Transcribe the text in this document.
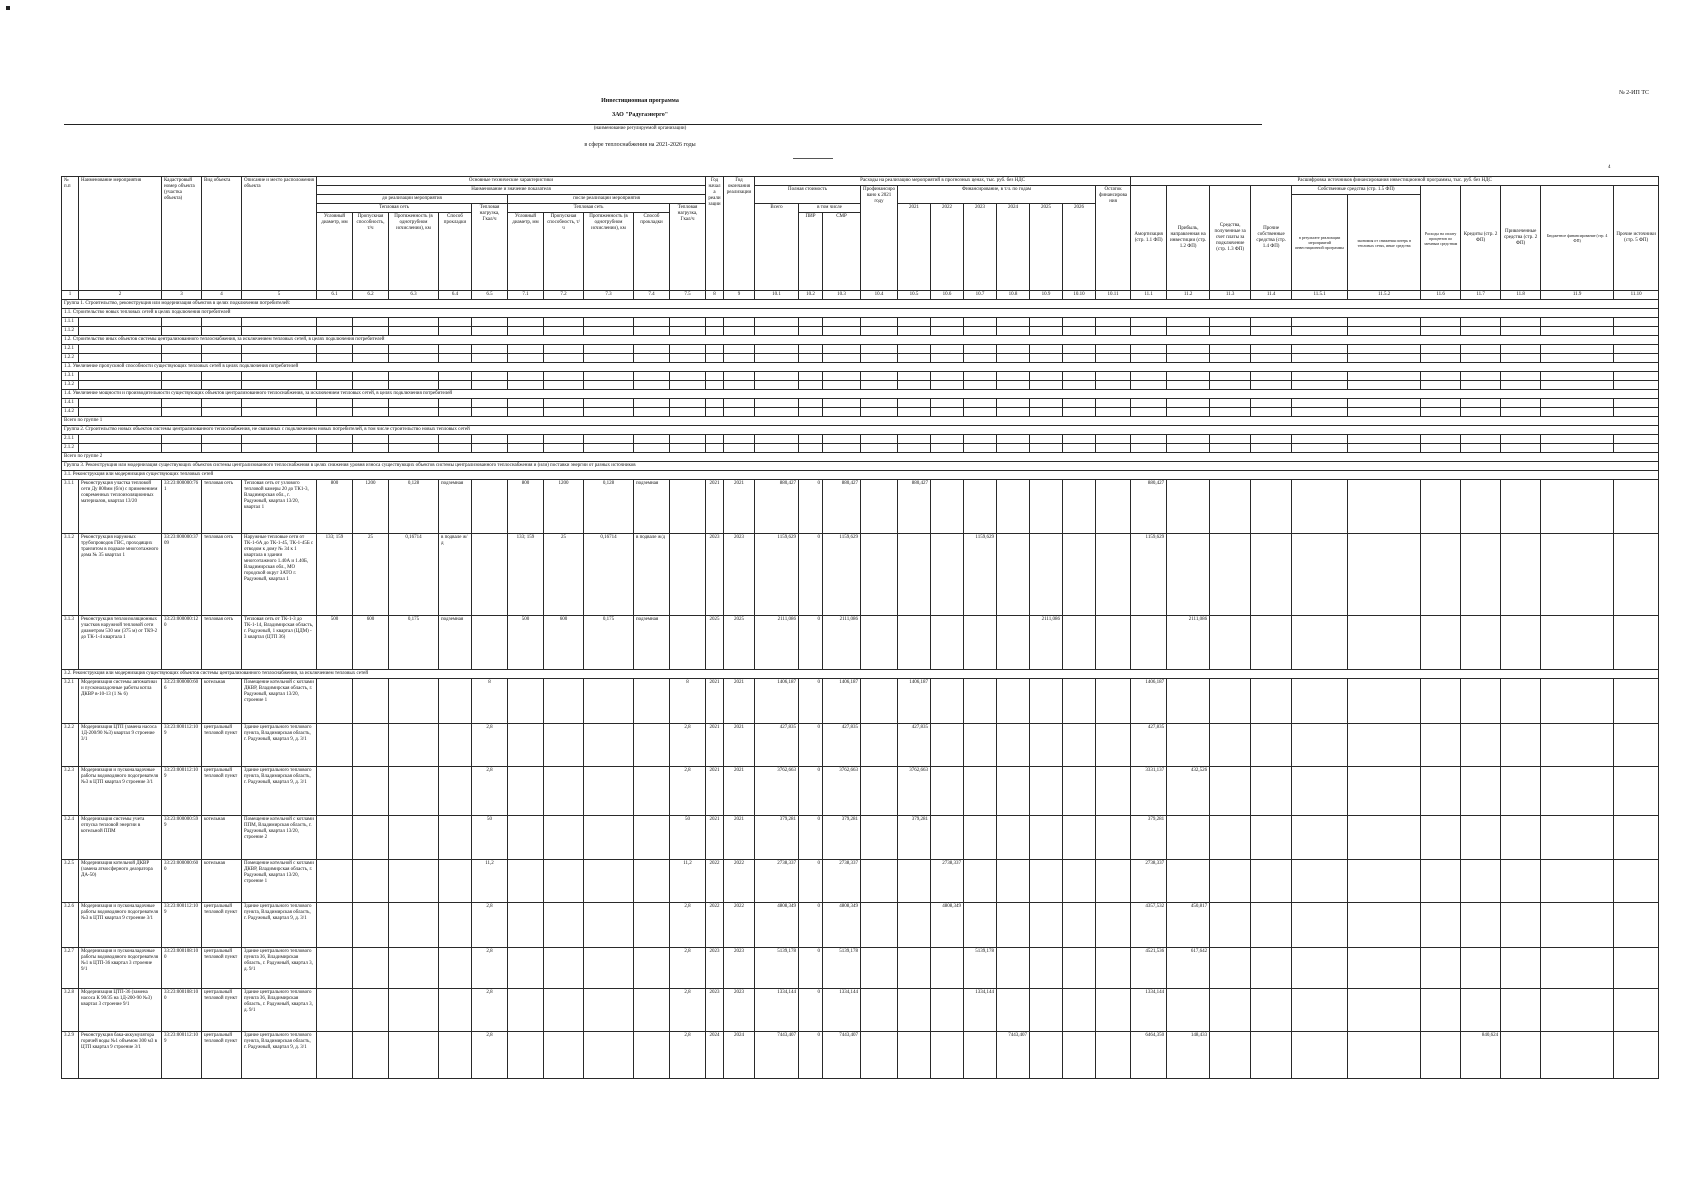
№ 2-ИП ТС
Инвестиционная программа
ЗАО "Радугаэнерго"
(наименование регулируемой организации)
в сфере теплоснабжения на 2021-2026 годы
4
№ п.п	Наименование мероприятия	Кадастровый номер объекта (участка объекта)	Вид объекта	Описание и место расположения объекта	Основные технические характеристики										Год начала реализации	Год окончания реализации	Расходы на реализацию мероприятий в прогнозных ценах, тыс. руб. без НДС											Расшифровка источников финансирования инвестиционной программы, тыс. руб. без НДС										
					Наименование и значение показателя												Полная стоимость			Профинансировано к 2021 году	Финансирование, в т.ч. по годам						Остаток финансирования	Амортизация (стр. 1.1 ФП)	Прибыль, направленная на инвестиции (стр. 1.2 ФП)	Средства, полученные за счет платы за подключение (стр. 1.3 ФП)	Прочие собственные средства (стр. 1.4 ФП)	Собственные средства (стр. 1.5 ФП)		Расходы на оплату процентов по заемным средствам	Кредиты (стр. 2 ФП)	Привлеченные средства (стр. 2 ФП)	Бюджетное финансирование (стр. 4 ФП)	Прочие источники (стр. 5 ФП)
					до реализации мероприятия					после реализации мероприятия																						в результате реализации мероприятий инвестиционной программы	экономия от снижения потерь в тепловых сетях, иные средства					
					Тепловая сеть				Тепловая нагрузка, Гкал/ч	Тепловая сеть				Тепловая нагрузка, Гкал/ч			Всего	в том числе			2021	2022	2023	2024	2025	2026												
					Условный диаметр, мм	Пропускная способность, т/ч	Протяженность (в однотрубном исчислении), км	Способ прокладки		Условный диаметр, мм	Пропускная способность, т/ч	Протяженность (в однотрубном исчислении), км	Способ прокладки					ПИР	СМР																			
1	2	3	4	5	6.1	6.2	6.3	6.4	6.5	7.1	7.2	7.3	7.4	7.5	8	9	10.1	10.2	10.3	10.4	10.5	10.6	10.7	10.8	10.9	10.10	10.11	11.1	11.2	11.3	11.4	11.5.1	11.5.2	11.6	11.7	11.8	11.9	11.10
Группа 1. Строительство, реконструкция или модернизация объектов в целях подключения потребителей:																																						
1.1. Строительство новых тепловых сетей в целях подключения потребителей																																						
1.1.1																																						
1.1.2																																						
1.2. Строительство иных объектов системы централизованного теплоснабжения, за исключением тепловых сетей, в целях подключения потребителей																																						
1.2.1																																						
1.2.2																																						
1.3. Увеличение пропускной способности существующих тепловых сетей в целях подключения потребителей																																						
1.3.1																																						
1.3.2																																						
1.4. Увеличение мощности и производительности существующих объектов централизованного теплоснабжения, за исключением тепловых сетей, в целях подключения потребителей																																						
1.4.1																																						
1.4.2																																						
Всего по группе 1																																						
Группа 2. Строительство новых объектов системы централизованного теплоснабжения, не связанных с подключением новых потребителей, в том числе строительство новых тепловых сетей																																						
2.1.1																																						
2.1.2																																						
Всего по группе 2																																						
Группа 3. Реконструкция или модернизация существующих объектов системы централизованного теплоснабжения в целях снижения уровня износа существующих объектов системы централизованного теплоснабжения и (или) поставки энергии от разных источников																																						
3.1. Реконструкция или модернизация существующих тепловых сетей																																						
3.1.1	Реконструкция участка тепловой сети Ду 800мм (б/н) с применением современных теплоизоляционных материалов, квартал 13/20	33:23:000000:761	тепловая сеть	Тепловая сеть от узлового тепловой камеры 20 до ТК1-3, Владимирская обл., г. Радужный, квартал 13/20, квартал 1	800	1200	0,128	подземная		800	1200	0,128	подземная		2021	2021	880,427	0	880,427		880,427							880,427										
3.1.2	Реконструкция наружных трубопроводов ГВС, проходящих транзитом в подвале многоэтажного дома № 35 квартал 1	33:23:000000:3709	тепловая сеть	Наружные тепловые сети от ТК-1-6А до ТК-1-45, ТК-1-45Б с отводом к дому № 34 к 1 квартала в здании многоэтажного 1.40А и 1.40Б, Владимирская обл., МО городской округ ЗАТО г. Радужный, квартал 1	133; 159	25	0,16714	в подвале ж/д		133; 159	25	0,16714	в подвале ж/д		2023	2023	1159,629	0	1159,629				1159,629					1159,629										
3.1.3	Реконструкция теплоизоляционных участков наружной тепловой сети диаметром 530 мм (375 м) от ТК9-2 до ТК-1-4 квартала 1	33:23:000000:120	тепловая сеть	Тепловая сеть от ТК-1-3 до ТК-1-14, Владимирская область, г. Радужный, 1 квартал (ЦДМ) - 3 квартал (ЦТП 36)	500	600	0,175	подземная		500	600	0,175	подземная		2025	2025	2111,086	0	2111,086						2111,086				2111,086									
3.2. Реконструкция или модернизация существующих объектов системы централизованного теплоснабжения, за исключением тепловых сетей																																						
3.2.1	Модернизация системы автоматики и пусконаладочные работы котла ДКВР в-10-13 (1 № 6)	33:23:000000:606	котельная	Помещение котельной с котлами ДКВР, Владимирская область, г. Радужный, квартал 13/20, строение 1					8					8	2021	2021	1406,187	0	1406,187		1406,187							1406,187										
3.2.2	Модернизация ЦТП (замена насоса 1Д-200/90 №3) квартал 9 строение 3/1	33:23:000112:109	центральный тепловой пункт	Здание центрального теплового пункта, Владимирская область, г. Радужный, квартал 9, д. 3/1					2,8					2,8	2021	2021	427,835	0	427,835		427,835							427,835										
3.2.3	Модернизация и пусконаладочные работы водоводяного подогревателя №3 в ЦТП квартал 9 строение 3/1	33:23:000112:109	центральный тепловой пункт	Здание центрального теплового пункта, Владимирская область, г. Радужный, квартал 9, д. 3/1					2,8					2,8	2021	2021	3762,663	0	3762,663		3762,663							3331,137	432,526									
3.2.4	Модернизация системы учета отпуска тепловой энергии в котельной ППМ	33:23:000000:599	котельная	Помещение котельной с котлами ППМ, Владимирская область, г. Радужный, квартал 13/20, строение 2					50					50	2021	2021	379,281	0	379,281		379,281							379,281										
3.2.5	Модернизация котельной ДКВР (замена атмосферного деаэратора ДА-50)	33:23:000000:600	котельная	Помещение котельной с котлами ДКВР, Владимирская область, г. Радужный, квартал 13/20, строение 1					11,2					11,2	2022	2022	2738,337	0	2738,337			2738,337						2738,337										
3.2.6	Модернизация и пусконаладочные работы водоводяного подогревателя №3 в ЦТП квартал 9 строение 3/1	33:23:000112:109	центральный тепловой пункт	Здание центрального теплового пункта, Владимирская область, г. Радужный, квартал 9, д. 3/1					2,8					2,8	2022	2022	4808,349	0	4808,349			4808,349						4357,532	450,817									
3.2.7	Модернизация и пусконаладочные работы водоводяного подогревателя №1 в ЦТП-36 квартал 3 строение 9/1	33:23:000108:100	центральный тепловой пункт	Здание центрального теплового пункта 36, Владимирская область, г. Радужный, квартал 3, д. 9/1					2,8					2,8	2023	2023	5139,178	0	5139,178				5139,178					4521,536	617,642									
3.2.8	Модернизация ЦТП-36 (замена насоса К 90/35 на 1Д-200-90 №3) квартал 3 строение 9/1	33:23:000108:100	центральный тепловой пункт	Здание центрального теплового пункта 36, Владимирская область, г. Радужный, квартал 3, д. 9/1					2,8					2,8	2023	2023	1334,144	0	1334,144				1334,144					1334,144										
3.2.9	Реконструкция бака-аккумулятора горячей воды №1 объемом 300 м3 в ЦТП квартал 9 строение 3/1	33:23:000112:109	центральный тепловой пункт	Здание центрального теплового пункта, Владимирская область, г. Радужный, квартал 9, д. 3/1					2,8					2,8	2024	2024	7443,407	0	7443,407					7443,407				6464,350	148,433						840,624			
